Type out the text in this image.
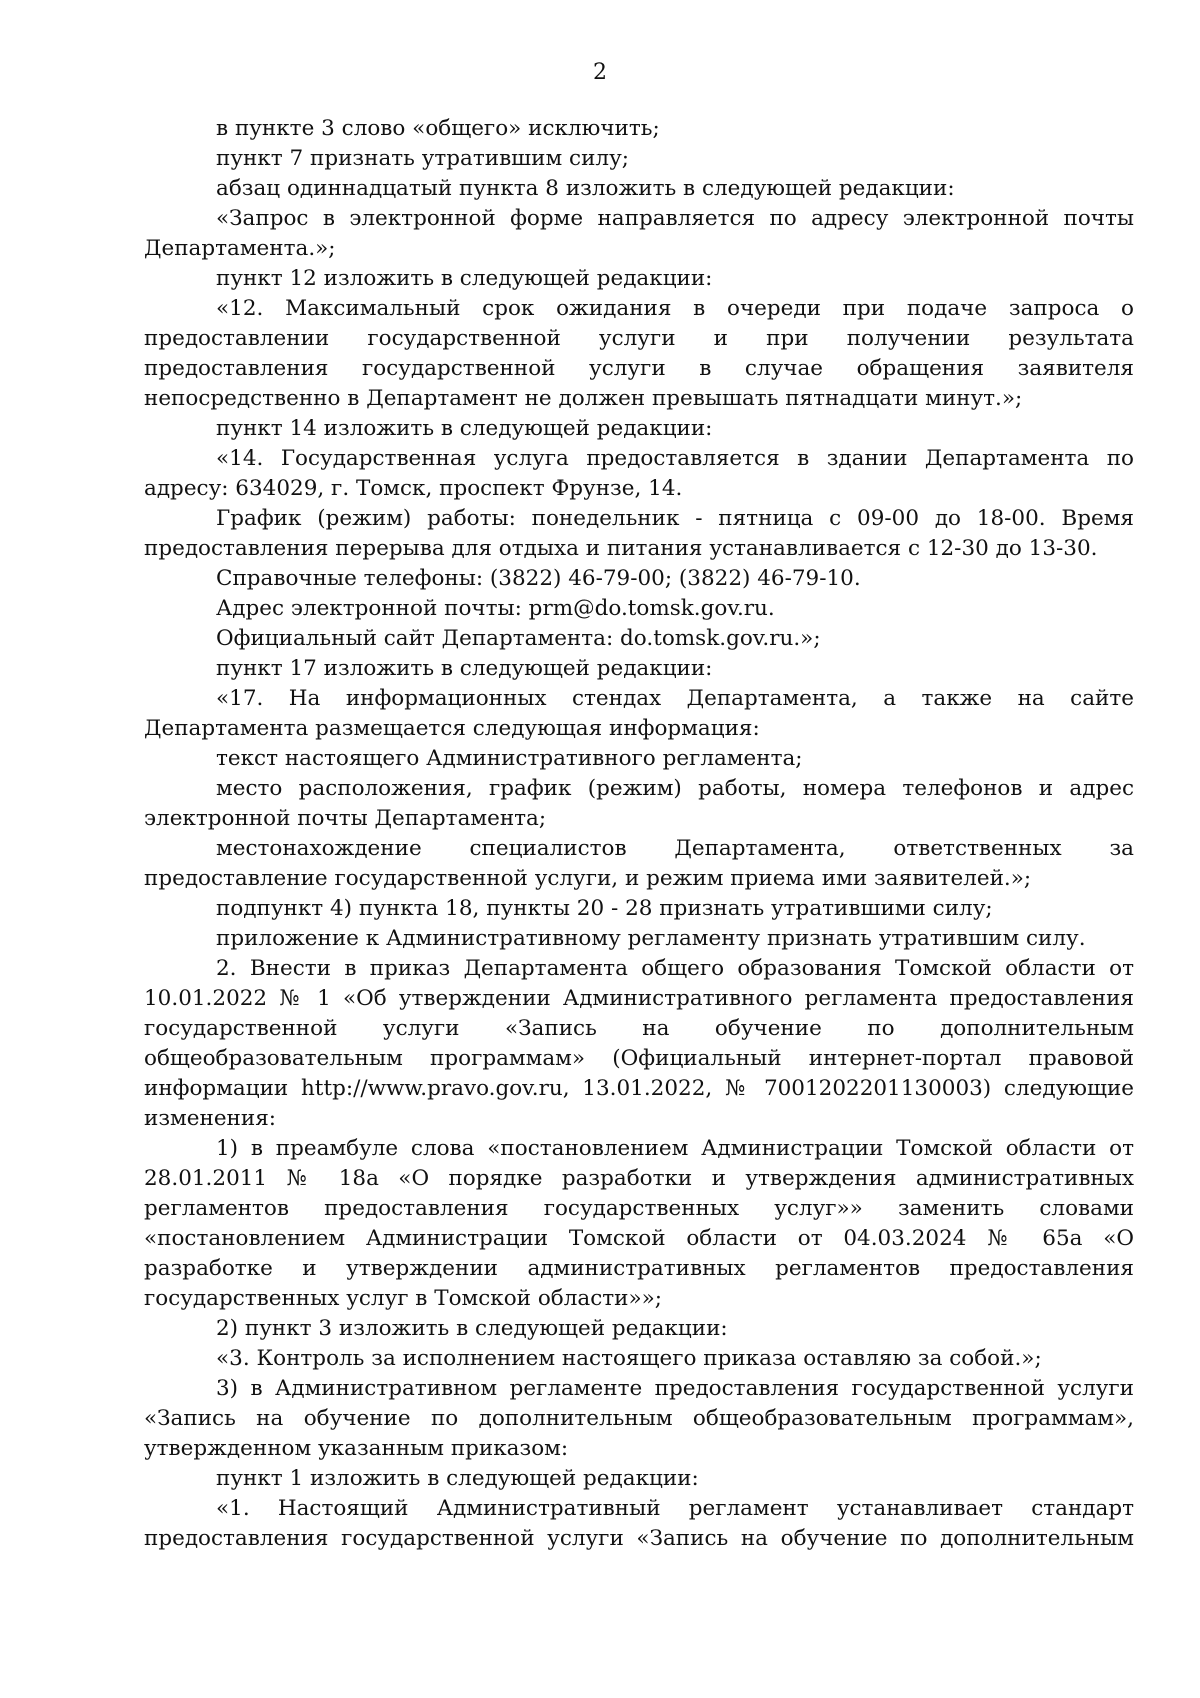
2

в пункте 3 слово «общего» исключить;

пункт 7 признать утратившим силу;

абзац одиннадцатый пункта 8 изложить в следующей редакции:

«Запрос в электронной форме направляется по адресу электронной почты Департамента.»;

пункт 12 изложить в следующей редакции:

«12. Максимальный срок ожидания в очереди при подаче запроса о предоставлении государственной услуги и при получении результата предоставления государственной услуги в случае обращения заявителя непосредственно в Департамент не должен превышать пятнадцати минут.»;

пункт 14 изложить в следующей редакции:

«14. Государственная услуга предоставляется в здании Департамента по адресу: 634029, г. Томск, проспект Фрунзе, 14.

График (режим) работы: понедельник - пятница с 09-00 до 18-00. Время предоставления перерыва для отдыха и питания устанавливается с 12-30 до 13-30.

Справочные телефоны: (3822) 46-79-00; (3822) 46-79-10.

Адрес электронной почты: prm@do.tomsk.gov.ru.

Официальный сайт Департамента: do.tomsk.gov.ru.»;

пункт 17 изложить в следующей редакции:

«17. На информационных стендах Департамента, а также на сайте Департамента размещается следующая информация:

текст настоящего Административного регламента;

место расположения, график (режим) работы, номера телефонов и адрес электронной почты Департамента;

местонахождение специалистов Департамента, ответственных за предоставление государственной услуги, и режим приема ими заявителей.»;

подпункт 4) пункта 18, пункты 20 - 28 признать утратившими силу;

приложение к Административному регламенту признать утратившим силу.

2. Внести в приказ Департамента общего образования Томской области от 10.01.2022 № 1 «Об утверждении Административного регламента предоставления государственной услуги «Запись на обучение по дополнительным общеобразовательным программам» (Официальный интернет-портал правовой информации http://www.pravo.gov.ru, 13.01.2022, № 7001202201130003) следующие изменения:

1) в преамбуле слова «постановлением Администрации Томской области от 28.01.2011 № 18а «О порядке разработки и утверждения административных регламентов предоставления государственных услуг»» заменить словами «постановлением Администрации Томской области от 04.03.2024 № 65а «О разработке и утверждении административных регламентов предоставления государственных услуг в Томской области»»;

2) пункт 3 изложить в следующей редакции:

«3. Контроль за исполнением настоящего приказа оставляю за собой.»;

3) в Административном регламенте предоставления государственной услуги «Запись на обучение по дополнительным общеобразовательным программам», утвержденном указанным приказом:

пункт 1 изложить в следующей редакции:

«1. Настоящий Административный регламент устанавливает стандарт предоставления государственной услуги «Запись на обучение по дополнительным
